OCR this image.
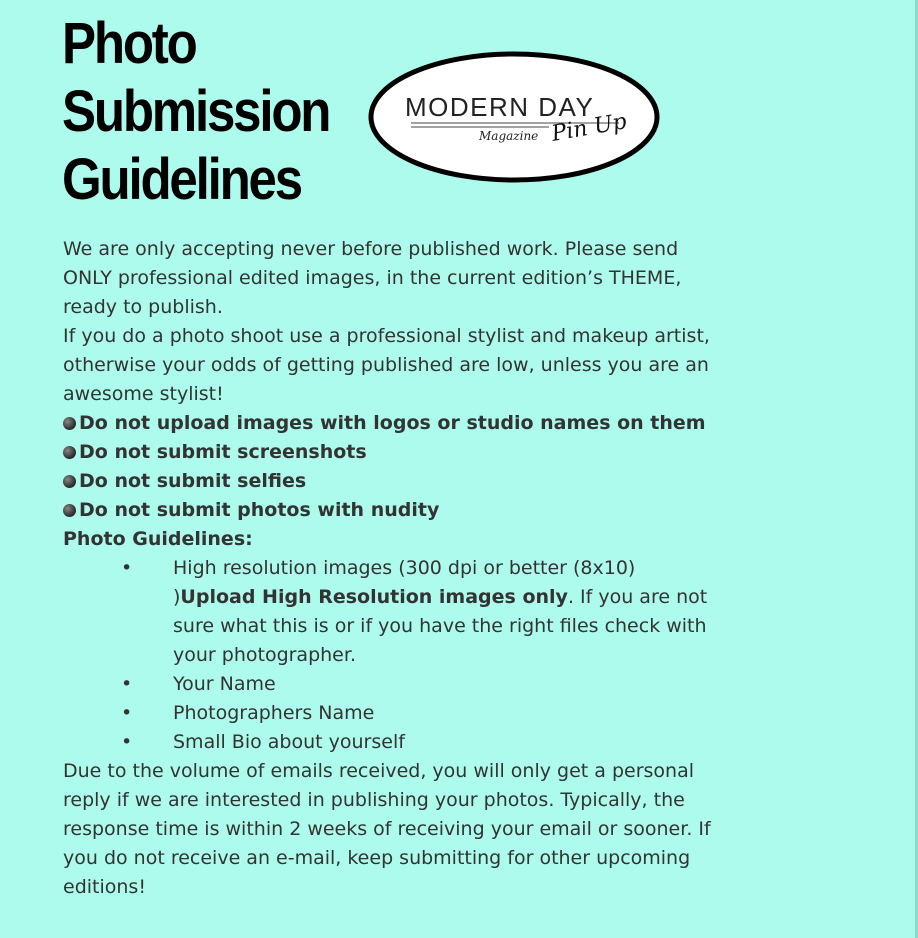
Photo
Submission
Guidelines
MODERN DAY
Magazine Pin Up

We are only accepting never before published work. Please send ONLY professional edited images, in the current edition’s THEME, ready to publish.

If you do a photo shoot use a professional stylist and makeup artist, otherwise your odds of getting published are low, unless you are an awesome stylist!

Do not upload images with logos or studio names on them
Do not submit screenshots
Do not submit selfies
Do not submit photos with nudity

Photo Guidelines:

• High resolution images (300 dpi or better (8x10) )Upload High Resolution images only. If you are not sure what this is or if you have the right files check with your photographer.
• Your Name
• Photographers Name
• Small Bio about yourself

Due to the volume of emails received, you will only get a personal reply if we are interested in publishing your photos. Typically, the response time is within 2 weeks of receiving your email or sooner. If you do not receive an e-mail, keep submitting for other upcoming editions!
